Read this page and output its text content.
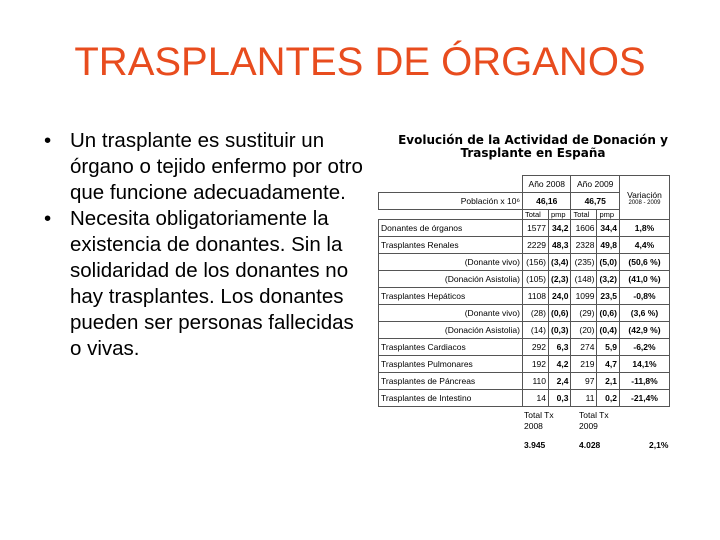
TRASPLANTES DE ÓRGANOS
• Un trasplante es sustituir un órgano o tejido enfermo por otro que funcione adecuadamente.
• Necesita obligatoriamente la existencia de donantes. Sin la solidaridad de los donantes no hay trasplantes. Los donantes pueden ser personas fallecidas o vivas.
Evolución de la Actividad de Donación y
Trasplante en España
	Año 2008		Año 2009		Variación
2008 - 2009

Población x 10⁶	46,16		46,75		
	Total	pmp	Total	pmp	
Donantes de órganos	1577	34,2	1606	34,4	1,8%
Trasplantes Renales	2229	48,3	2328	49,8	4,4%
(Donante vivo)	(156)	(3,4)	(235)	(5,0)	(50,6 %)
(Donación Asistolia)	(105)	(2,3)	(148)	(3,2)	(41,0 %)
Trasplantes Hepáticos	1108	24,0	1099	23,5	-0,8%
(Donante vivo)	(28)	(0,6)	(29)	(0,6)	(3,6 %)
(Donación Asistolia)	(14)	(0,3)	(20)	(0,4)	(42,9 %)
Trasplantes Cardiacos	292	6,3	274	5,9	-6,2%
Trasplantes Pulmonares	192	4,2	219	4,7	14,1%
Trasplantes de Páncreas	110	2,4	97	2,1	-11,8%
Trasplantes de Intestino	14	0,3	11	0,2	-21,4%
Total Tx
2008
Total Tx
2009
3.945	4.028	2,1%
